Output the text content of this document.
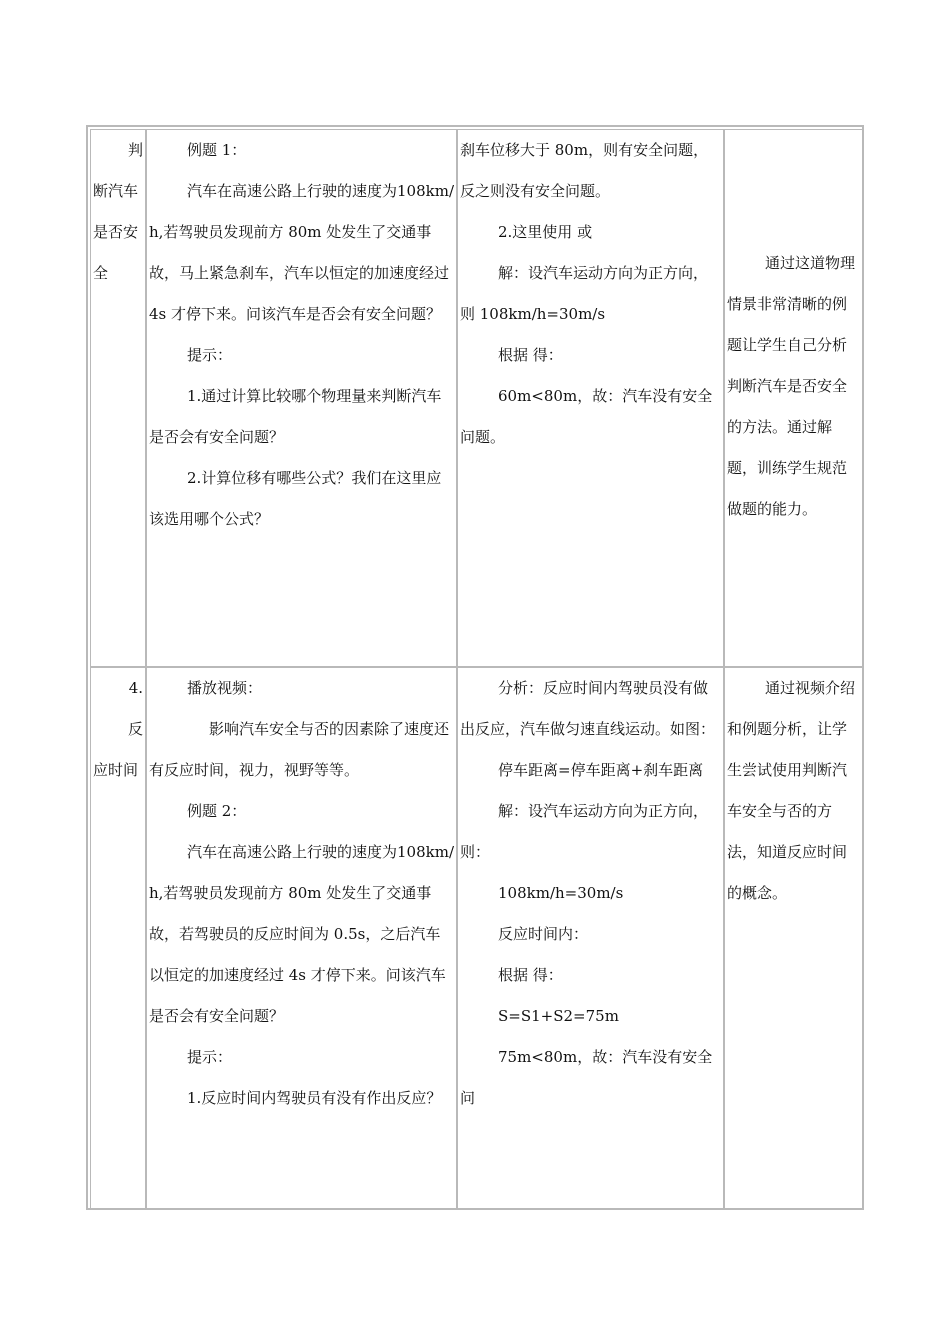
判

断汽车是否安全

例题 1：

汽车在高速公路上行驶的速度为108km/h,若驾驶员发现前方 80m 处发生了交通事故，马上紧急刹车，汽车以恒定的加速度经过 4s 才停下来。问该汽车是否会有安全问题？

提示：

1.通过计算比较哪个物理量来判断汽车是否会有安全问题？

2.计算位移有哪些公式？我们在这里应该选用哪个公式？

刹车位移大于 80m，则有安全问题，反之则没有安全问题。

2.这里使用 或

解：设汽车运动方向为正方向，则 108km/h=30m/s

根据 得：

60m<80m，故：汽车没有安全问题。

通过这道物理情景非常清晰的例题让学生自己分析判断汽车是否安全的方法。通过解题，训练学生规范做题的能力。

4.

反

应时间

播放视频：

影响汽车安全与否的因素除了速度还有反应时间，视力，视野等等。

例题 2：

汽车在高速公路上行驶的速度为108km/h,若驾驶员发现前方 80m 处发生了交通事故，若驾驶员的反应时间为 0.5s，之后汽车以恒定的加速度经过 4s 才停下来。问该汽车是否会有安全问题？

提示：

1.反应时间内驾驶员有没有作出反应？

分析：反应时间内驾驶员没有做出反应，汽车做匀速直线运动。如图：

停车距离=停车距离+刹车距离

解：设汽车运动方向为正方向，则：

108km/h=30m/s

反应时间内：

根据 得：

S=S1+S2=75m

75m<80m，故：汽车没有安全问

通过视频介绍和例题分析，让学生尝试使用判断汽车安全与否的方法，知道反应时间的概念。
